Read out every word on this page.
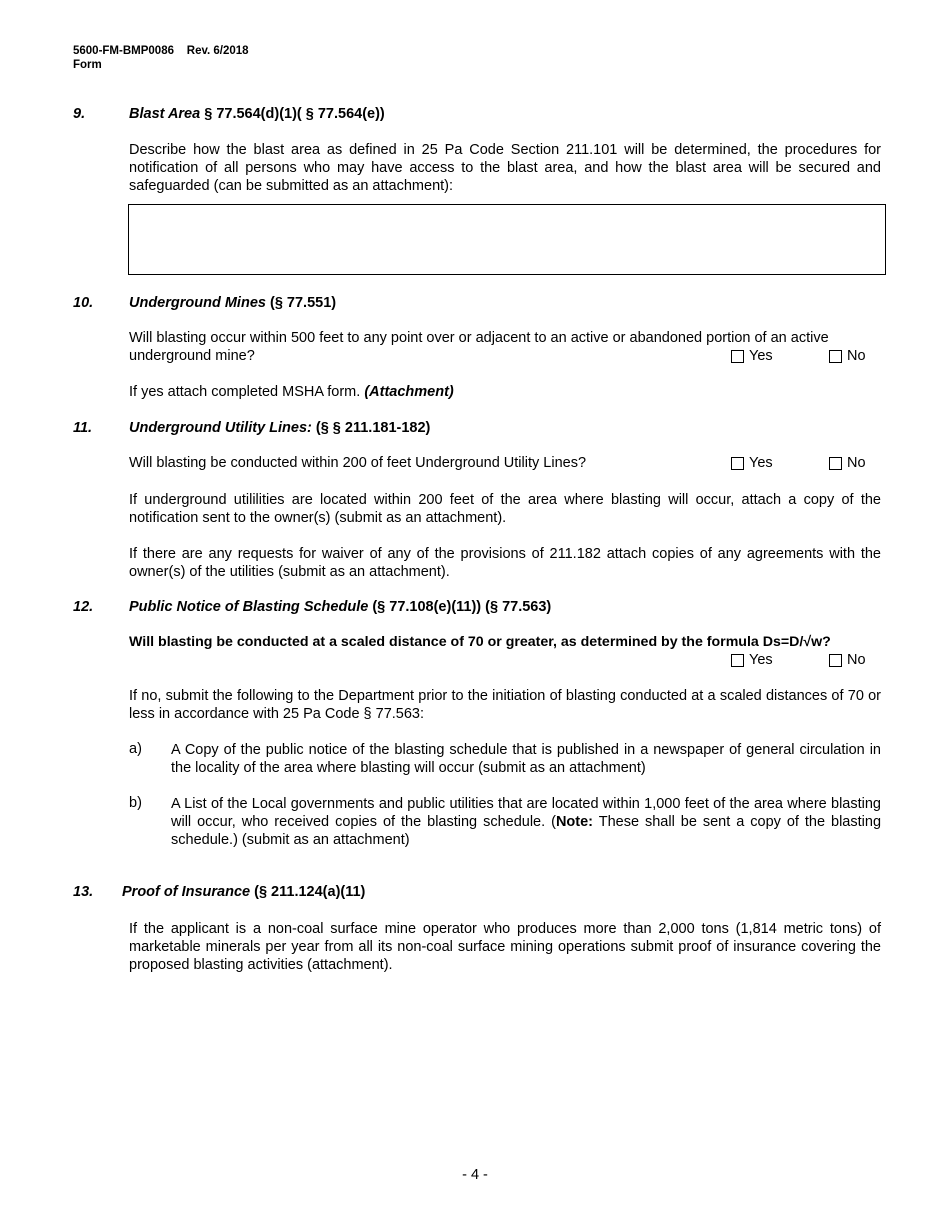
5600-FM-BMP0086 Rev. 6/2018
Form
9.	Blast Area § 77.564(d)(1)( § 77.564(e))
Describe how the blast area as defined in 25 Pa Code Section 211.101 will be determined, the procedures for notification of all persons who may have access to the blast area, and how the blast area will be secured and safeguarded (can be submitted as an attachment):
10. Underground Mines (§ 77.551)
Will blasting occur within 500 feet to any point over or adjacent to an active or abandoned portion of an active
underground mine?	Yes	No
If yes attach completed MSHA form. (Attachment)
11.	Underground Utility Lines: (§ § 211.181-182)
Will blasting be conducted within 200 of feet Underground Utility Lines?	Yes	No
If underground utililities are located within 200 feet of the area where blasting will occur, attach a copy of the notification sent to the owner(s) (submit as an attachment).
If there are any requests for waiver of any of the provisions of 211.182 attach copies of any agreements with the owner(s) of the utilities (submit as an attachment).
12. Public Notice of Blasting Schedule (§ 77.108(e)(11)) (§ 77.563)
Will blasting be conducted at a scaled distance of 70 or greater, as determined by the formula Ds=D/√w?
Yes	No
If no, submit the following to the Department prior to the initiation of blasting conducted at a scaled distances of 70 or less in accordance with 25 Pa Code § 77.563:
a) A Copy of the public notice of the blasting schedule that is published in a newspaper of general circulation in the locality of the area where blasting will occur (submit as an attachment)
b) A List of the Local governments and public utilities that are located within 1,000 feet of the area where blasting will occur, who received copies of the blasting schedule. (Note: These shall be sent a copy of the blasting schedule.) (submit as an attachment)
13. Proof of Insurance (§ 211.124(a)(11)
If the applicant is a non-coal surface mine operator who produces more than 2,000 tons (1,814 metric tons) of marketable minerals per year from all its non-coal surface mining operations submit proof of insurance covering the proposed blasting activities (attachment).
- 4 -
